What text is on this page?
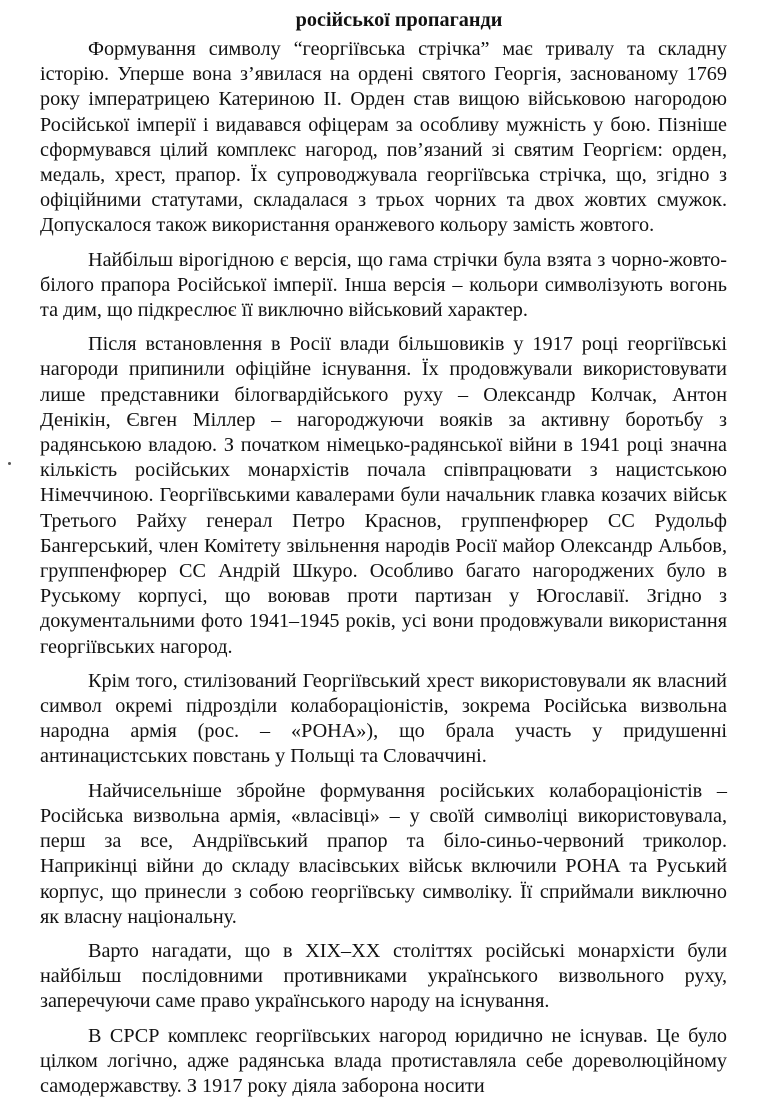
російської пропаганди

Формування символу “георгіївська стрічка” має тривалу та складну історію. Уперше вона з’явилася на ордені святого Георгія, заснованому 1769 року імператрицею Катериною II. Орден став вищою військовою нагородою Російської імперії і видавався офіцерам за особливу мужність у бою. Пізніше сформувався цілий комплекс нагород, пов’язаний зі святим Георгієм: орден, медаль, хрест, прапор. Їх супроводжувала георгіївська стрічка, що, згідно з офіційними статутами, складалася з трьох чорних та двох жовтих смужок. Допускалося також використання оранжевого кольору замість жовтого.

Найбільш вірогідною є версія, що гама стрічки була взята з чорно-жовто-білого прапора Російської імперії. Інша версія – кольори символізують вогонь та дим, що підкреслює її виключно військовий характер.

Після встановлення в Росії влади більшовиків у 1917 році георгіївські нагороди припинили офіційне існування. Їх продовжували використовувати лише представники білогвардійського руху – Олександр Колчак, Антон Денікін, Євген Міллер – нагороджуючи вояків за активну боротьбу з радянською владою. З початком німецько-радянської війни в 1941 році значна кількість російських монархістів почала співпрацювати з нацистською Німеччиною. Георгіївськими кавалерами були начальник главка козачих військ Третього Райху генерал Петро Краснов, группенфюрер СС Рудольф Бангерський, член Комітету звільнення народів Росії майор Олександр Альбов, группенфюрер СС Андрій Шкуро. Особливо багато нагороджених було в Руському корпусі, що воював проти партизан у Югославії. Згідно з документальними фото 1941–1945 років, усі вони продовжували використання георгіївських нагород.

Крім того, стилізований Георгіївський хрест використовували як власний символ окремі підрозділи колабораціоністів, зокрема Російська визвольна народна армія (рос. – «РОНА»), що брала участь у придушенні антинацистських повстань у Польщі та Словаччині.

Найчисельніше збройне формування російських колабораціоністів – Російська визвольна армія, «власівці» – у своїй символіці використовувала, перш за все, Андріївський прапор та біло-синьо-червоний триколор. Наприкінці війни до складу власівських військ включили РОНА та Руський корпус, що принесли з собою георгіївську символіку. Її сприймали виключно як власну національну.

Варто нагадати, що в ХІХ–ХХ століттях російські монархісти були найбільш послідовними противниками українського визвольного руху, заперечуючи саме право українського народу на існування.

В СРСР комплекс георгіївських нагород юридично не існував. Це було цілком логічно, адже радянська влада протиставляла себе дореволюційному самодержавству. З 1917 року діяла заборона носити
